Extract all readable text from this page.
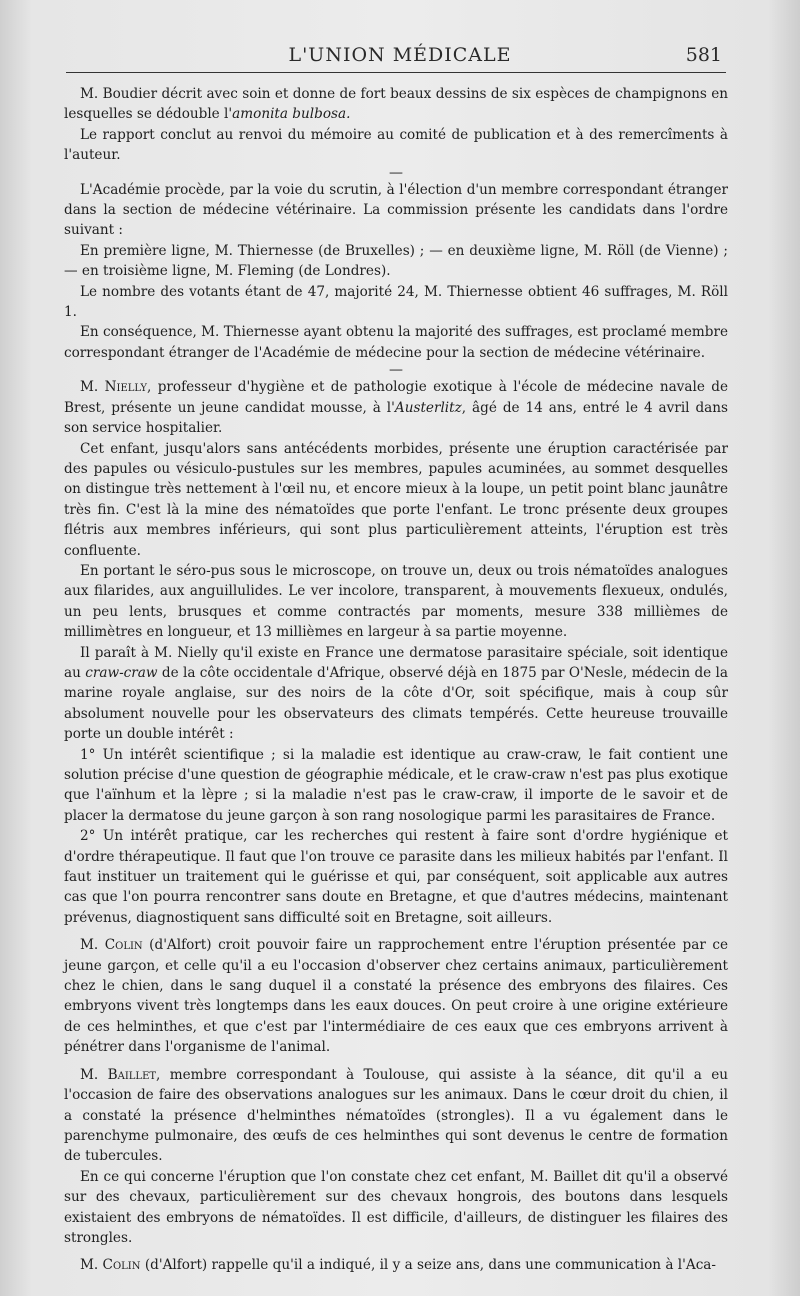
L'UNION MÉDICALE	581

M. Boudier décrit avec soin et donne de fort beaux dessins de six espèces de champignons en lesquelles se dédouble l'amonita bulbosa.

Le rapport conclut au renvoi du mémoire au comité de publication et à des remercîments à l'auteur.

—

L'Académie procède, par la voie du scrutin, à l'élection d'un membre correspondant étranger dans la section de médecine vétérinaire. La commission présente les candidats dans l'ordre suivant :

En première ligne, M. Thiernesse (de Bruxelles) ; — en deuxième ligne, M. Röll (de Vienne) ; — en troisième ligne, M. Fleming (de Londres).

Le nombre des votants étant de 47, majorité 24, M. Thiernesse obtient 46 suffrages, M. Röll 1.

En conséquence, M. Thiernesse ayant obtenu la majorité des suffrages, est proclamé membre correspondant étranger de l'Académie de médecine pour la section de médecine vétérinaire.

—

M. Nielly, professeur d'hygiène et de pathologie exotique à l'école de médecine navale de Brest, présente un jeune candidat mousse, à l'Austerlitz, âgé de 14 ans, entré le 4 avril dans son service hospitalier.

Cet enfant, jusqu'alors sans antécédents morbides, présente une éruption caractérisée par des papules ou vésiculo-pustules sur les membres, papules acuminées, au sommet desquelles on distingue très nettement à l'œil nu, et encore mieux à la loupe, un petit point blanc jaunâtre très fin. C'est là la mine des nématoïdes que porte l'enfant. Le tronc présente deux groupes flétris aux membres inférieurs, qui sont plus particulièrement atteints, l'éruption est très confluente.

En portant le séro-pus sous le microscope, on trouve un, deux ou trois nématoïdes analogues aux filarides, aux anguillulides. Le ver incolore, transparent, à mouvements flexueux, ondulés, un peu lents, brusques et comme contractés par moments, mesure 338 millièmes de millimètres en longueur, et 13 millièmes en largeur à sa partie moyenne.

Il paraît à M. Nielly qu'il existe en France une dermatose parasitaire spéciale, soit identique au craw-craw de la côte occidentale d'Afrique, observé déjà en 1875 par O'Nesle, médecin de la marine royale anglaise, sur des noirs de la côte d'Or, soit spécifique, mais à coup sûr absolument nouvelle pour les observateurs des climats tempérés. Cette heureuse trouvaille porte un double intérêt :

1° Un intérêt scientifique ; si la maladie est identique au craw-craw, le fait contient une solution précise d'une question de géographie médicale, et le craw-craw n'est pas plus exotique que l'aïnhum et la lèpre ; si la maladie n'est pas le craw-craw, il importe de le savoir et de placer la dermatose du jeune garçon à son rang nosologique parmi les parasitaires de France.

2° Un intérêt pratique, car les recherches qui restent à faire sont d'ordre hygiénique et d'ordre thérapeutique. Il faut que l'on trouve ce parasite dans les milieux habités par l'enfant. Il faut instituer un traitement qui le guérisse et qui, par conséquent, soit applicable aux autres cas que l'on pourra rencontrer sans doute en Bretagne, et que d'autres médecins, maintenant prévenus, diagnostiquent sans difficulté soit en Bretagne, soit ailleurs.

M. Colin (d'Alfort) croit pouvoir faire un rapprochement entre l'éruption présentée par ce jeune garçon, et celle qu'il a eu l'occasion d'observer chez certains animaux, particulièrement chez le chien, dans le sang duquel il a constaté la présence des embryons des filaires. Ces embryons vivent très longtemps dans les eaux douces. On peut croire à une origine extérieure de ces helminthes, et que c'est par l'intermédiaire de ces eaux que ces embryons arrivent à pénétrer dans l'organisme de l'animal.

M. Baillet, membre correspondant à Toulouse, qui assiste à la séance, dit qu'il a eu l'occasion de faire des observations analogues sur les animaux. Dans le cœur droit du chien, il a constaté la présence d'helminthes nématoïdes (strongles). Il a vu également dans le parenchyme pulmonaire, des œufs de ces helminthes qui sont devenus le centre de formation de tubercules.

En ce qui concerne l'éruption que l'on constate chez cet enfant, M. Baillet dit qu'il a observé sur des chevaux, particulièrement sur des chevaux hongrois, des boutons dans lesquels existaient des embryons de nématoïdes. Il est difficile, d'ailleurs, de distinguer les filaires des strongles.

M. Colin (d'Alfort) rappelle qu'il a indiqué, il y a seize ans, dans une communication à l'Aca-
